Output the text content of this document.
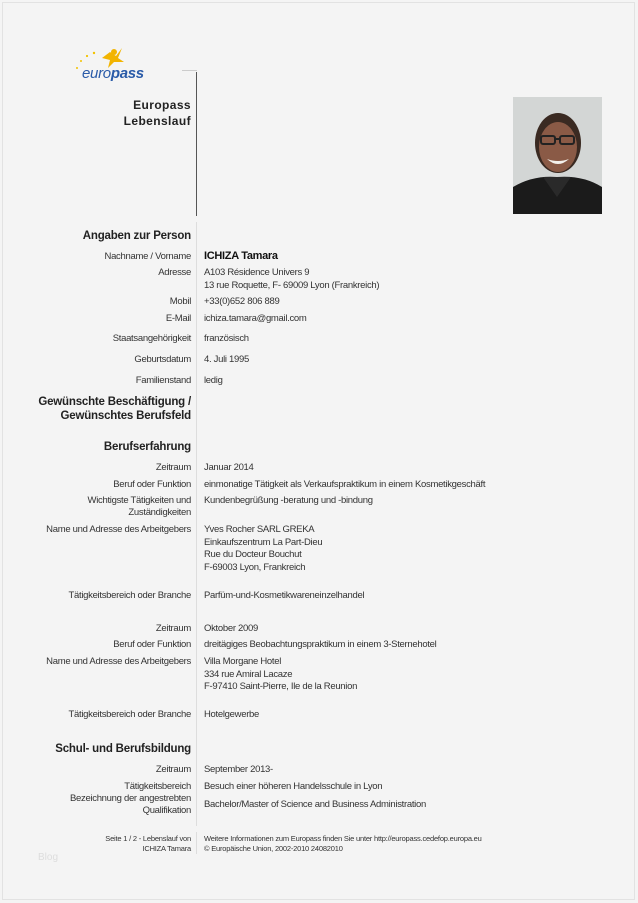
europass
Europass
Lebenslauf
Angaben zur Person
Nachname / Vorname ICHIZA Tamara
Adresse A103 Résidence Univers 9
13 rue Roquette, F- 69009 Lyon (Frankreich)
Mobil +33(0)652 806 889
E-Mail ichiza.tamara@gmail.com
Staatsangehörigkeit französisch
Geburtsdatum 4. Juli 1995
Familienstand ledig
Gewünschte Beschäftigung /
Gewünschtes Berufsfeld
Berufserfahrung
Zeitraum Januar 2014
Beruf oder Funktion einmonatige Tätigkeit als Verkaufspraktikum in einem Kosmetikgeschäft
Wichtigste Tätigkeiten und
Zuständigkeiten
Kundenbegrüßung -beratung und -bindung
Name und Adresse des Arbeitgebers Yves Rocher SARL GREKA
Einkaufszentrum La Part-Dieu
Rue du Docteur Bouchut
F-69003 Lyon, Frankreich
Tätigkeitsbereich oder Branche Parfüm-und-Kosmetikwareneinzelhandel
Zeitraum Oktober 2009
Beruf oder Funktion dreitägiges Beobachtungspraktikum in einem 3-Sternehotel
Name und Adresse des Arbeitgebers Villa Morgane Hotel
334 rue Amiral Lacaze
F-97410 Saint-Pierre, Ile de la Reunion
Tätigkeitsbereich oder Branche Hotelgewerbe
Schul- und Berufsbildung
Zeitraum September 2013-
Tätigkeitsbereich Besuch einer höheren Handelsschule in Lyon
Bezeichnung der angestrebten
Qualifikation
Bachelor/Master of Science and Business Administration
Seite 1 / 2 - Lebenslauf von
ICHIZA Tamara
Weitere Informationen zum Europass finden Sie unter http://europass.cedefop.europa.eu
© Europäische Union, 2002-2010 24082010
Blog
